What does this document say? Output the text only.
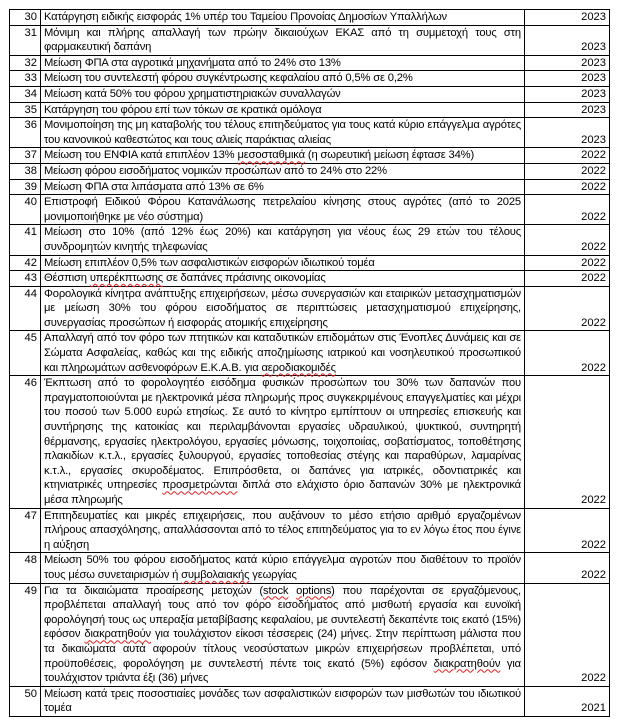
30	Κατάργηση ειδικής εισφοράς 1% υπέρ του Ταμείου Προνοίας Δημοσίων Υπαλλήλων	2023
31	Μόνιμη και πλήρης απαλλαγή των πρώην δικαιούχων ΕΚΑΣ από τη συμμετοχή τους στη φαρμακευτική δαπάνη	2023
32	Μείωση ΦΠΑ στα αγροτικά μηχανήματα από το 24% στο 13%	2023
33	Μείωση του συντελεστή φόρου συγκέντρωσης κεφαλαίου από 0,5% σε 0,2%	2023
34	Μείωση κατά 50% του φόρου χρηματιστηριακών συναλλαγών	2023
35	Κατάργηση του φόρου επί των τόκων σε κρατικά ομόλογα	2023
36	Μονιμοποίηση της μη καταβολής του τέλους επιτηδεύματος για τους κατά κύριο επάγγελμα αγρότες του κανονικού καθεστώτος και τους αλιείς παράκτιας αλιείας	2023
37	Μείωση του ΕΝΦΙΑ κατά επιπλέον 13% μεσοσταθμικά (η σωρευτική μείωση έφτασε 34%)	2022
38	Μείωση φόρου εισοδήματος νομικών προσώπων από το 24% στο 22%	2022
39	Μείωση ΦΠΑ στα λιπάσματα από 13% σε 6%	2022
40	Επιστροφή Ειδικού Φόρου Κατανάλωσης πετρελαίου κίνησης στους αγρότες (από το 2025 μονιμοποιήθηκε με νέο σύστημα)	2022
41	Μείωση στο 10% (από 12% έως 20%) και κατάργηση για νέους έως 29 ετών του τέλους συνδρομητών κινητής τηλεφωνίας	2022
42	Μείωση επιπλέον 0,5% των ασφαλιστικών εισφορών ιδιωτικού τομέα	2022
43	Θέσπιση υπερέκπτωσης σε δαπάνες πράσινης οικονομίας	2022
44	Φορολογικά κίνητρα ανάπτυξης επιχειρήσεων, μέσω συνεργασιών και εταιρικών μετασχηματισμών με μείωση 30% του φόρου εισοδήματος σε περιπτώσεις μετασχηματισμού επιχείρησης, συνεργασίας προσώπων ή εισφοράς ατομικής επιχείρησης	2022
45	Απαλλαγή από τον φόρο των πτητικών και καταδυτικών επιδομάτων στις Ένοπλες Δυνάμεις και σε Σώματα Ασφαλείας, καθώς και της ειδικής αποζημίωσης ιατρικού και νοσηλευτικού προσωπικού και πληρωμάτων ασθενοφόρων Ε.Κ.Α.Β. για αεροδιακομιδές	2022
46	Έκπτωση από το φορολογητέο εισόδημα φυσικών προσώπων του 30% των δαπανών που πραγματοποιούνται με ηλεκτρονικά μέσα πληρωμής προς συγκεκριμένους επαγγελματίες και μέχρι του ποσού των 5.000 ευρώ ετησίως. Σε αυτό το κίνητρο εμπίπτουν οι υπηρεσίες επισκευής και συντήρησης της κατοικίας και περιλαμβάνονται εργασίες υδραυλικού, ψυκτικού, συντηρητή θέρμανσης, εργασίες ηλεκτρολόγου, εργασίες μόνωσης, τοιχοποιίας, σοβατίσματος, τοποθέτησης πλακιδίων κ.τ.λ., εργασίες ξυλουργού, εργασίες τοποθεσίας στέγης και παραθύρων, λαμαρίνας κ.τ.λ., εργασίες σκυροδέματος. Επιπρόσθετα, οι δαπάνες για ιατρικές, οδοντιατρικές και κτηνιατρικές υπηρεσίες προσμετρώνται διπλά στο ελάχιστο όριο δαπανών 30% με ηλεκτρονικά μέσα πληρωμής	2022
47	Επιτηδευματίες και μικρές επιχειρήσεις, που αυξάνουν το μέσο ετήσιο αριθμό εργαζομένων πλήρους απασχόλησης, απαλλάσσονται από το τέλος επιτηδεύματος για το εν λόγω έτος που έγινε η αύξηση	2022
48	Μείωση 50% του φόρου εισοδήματος κατά κύριο επάγγελμα αγροτών που διαθέτουν το προϊόν τους μέσω συνεταιρισμών ή συμβολαιακής γεωργίας	2022
49	Για τα δικαιώματα προαίρεσης μετοχών (stock options) που παρέχονται σε εργαζόμενους, προβλέπεται απαλλαγή τους από τον φόρο εισοδήματος από μισθωτή εργασία και ευνοϊκή φορολόγησή τους ως υπεραξία μεταβίβασης κεφαλαίου, με συντελεστή δεκαπέντε τοις εκατό (15%) εφόσον διακρατηθούν για τουλάχιστον είκοσι τέσσερεις (24) μήνες. Στην περίπτωση μάλιστα που τα δικαιώματα αυτά αφορούν τίτλους νεοσύστατων μικρών επιχειρήσεων προβλέπεται, υπό προϋποθέσεις, φορολόγηση με συντελεστή πέντε τοις εκατό (5%) εφόσον διακρατηθούν για τουλάχιστον τριάντα έξι (36) μήνες	2022
50	Μείωση κατά τρεις ποσοστιαίες μονάδες των ασφαλιστικών εισφορών των μισθωτών του ιδιωτικού τομέα	2021
